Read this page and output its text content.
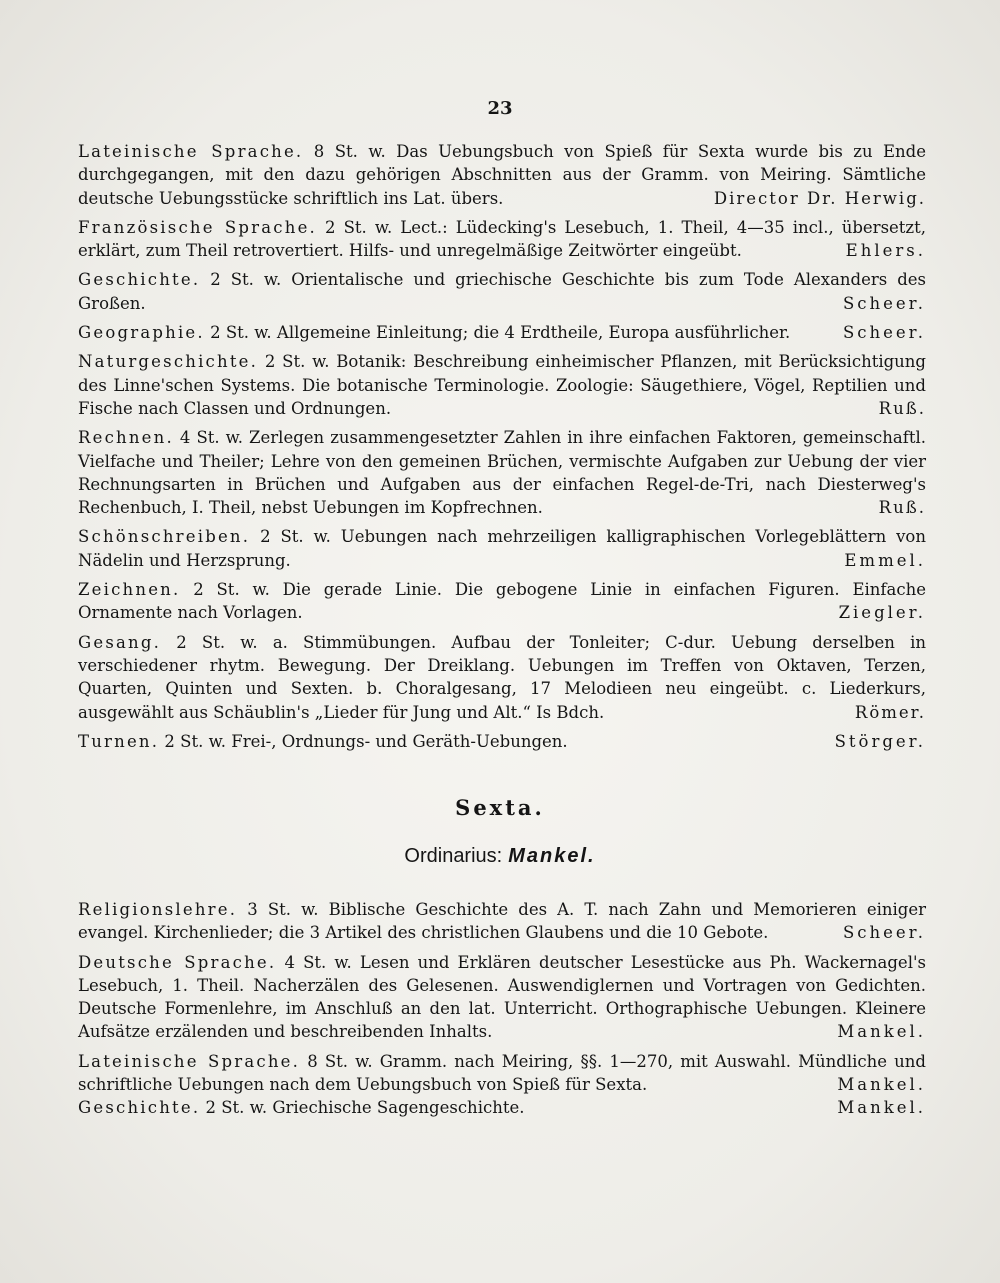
23

Lateinische Sprache. 8 St. w. Das Uebungsbuch von Spieß für Sexta wurde bis zu Ende durchgegangen, mit den dazu gehörigen Abschnitten aus der Gramm. von Meiring. Sämtliche deutsche Uebungsstücke schriftlich ins Lat. übers.	Director Dr. Herwig.

Französische Sprache. 2 St. w. Lect.: Lüdecking's Lesebuch, 1. Theil, 4—35 incl., übersetzt, erklärt, zum Theil retrovertiert. Hilfs- und unregelmäßige Zeitwörter eingeübt.	Ehlers.

Geschichte. 2 St. w. Orientalische und griechische Geschichte bis zum Tode Alexanders des Großen.	Scheer.

Geographie. 2 St. w. Allgemeine Einleitung; die 4 Erdtheile, Europa ausführlicher.	Scheer.

Naturgeschichte. 2 St. w. Botanik: Beschreibung einheimischer Pflanzen, mit Berücksichtigung des Linne'schen Systems. Die botanische Terminologie. Zoologie: Säugethiere, Vögel, Reptilien und Fische nach Classen und Ordnungen.	Ruß.

Rechnen. 4 St. w. Zerlegen zusammengesetzter Zahlen in ihre einfachen Faktoren, gemeinschaftl. Vielfache und Theiler; Lehre von den gemeinen Brüchen, vermischte Aufgaben zur Uebung der vier Rechnungsarten in Brüchen und Aufgaben aus der einfachen Regel-de-Tri, nach Diesterweg's Rechenbuch, I. Theil, nebst Uebungen im Kopfrechnen.	Ruß.

Schönschreiben. 2 St. w. Uebungen nach mehrzeiligen kalligraphischen Vorlegeblättern von Nädelin und Herzsprung.	Emmel.

Zeichnen. 2 St. w. Die gerade Linie. Die gebogene Linie in einfachen Figuren. Einfache Ornamente nach Vorlagen.	Ziegler.

Gesang. 2 St. w. a. Stimmübungen. Aufbau der Tonleiter; C-dur. Uebung derselben in verschiedener rhytm. Bewegung. Der Dreiklang. Uebungen im Treffen von Oktaven, Terzen, Quarten, Quinten und Sexten. b. Choralgesang, 17 Melodieen neu eingeübt. c. Liederkurs, ausgewählt aus Schäublin's „Lieder für Jung und Alt.“ Is Bdch.	Römer.

Turnen. 2 St. w. Frei-, Ordnungs- und Geräth-Uebungen.	Störger.

Sexta.
Ordinarius: Mankel.

Religionslehre. 3 St. w. Biblische Geschichte des A. T. nach Zahn und Memorieren einiger evangel. Kirchenlieder; die 3 Artikel des christlichen Glaubens und die 10 Gebote.	Scheer.

Deutsche Sprache. 4 St. w. Lesen und Erklären deutscher Lesestücke aus Ph. Wackernagel's Lesebuch, 1. Theil. Nacherzälen des Gelesenen. Auswendiglernen und Vortragen von Gedichten. Deutsche Formenlehre, im Anschluß an den lat. Unterricht. Orthographische Uebungen. Kleinere Aufsätze erzälenden und beschreibenden Inhalts.	Mankel.

Lateinische Sprache. 8 St. w. Gramm. nach Meiring, §§. 1—270, mit Auswahl. Mündliche und schriftliche Uebungen nach dem Uebungsbuch von Spieß für Sexta.	Mankel.

Geschichte. 2 St. w. Griechische Sagengeschichte.	Mankel.
